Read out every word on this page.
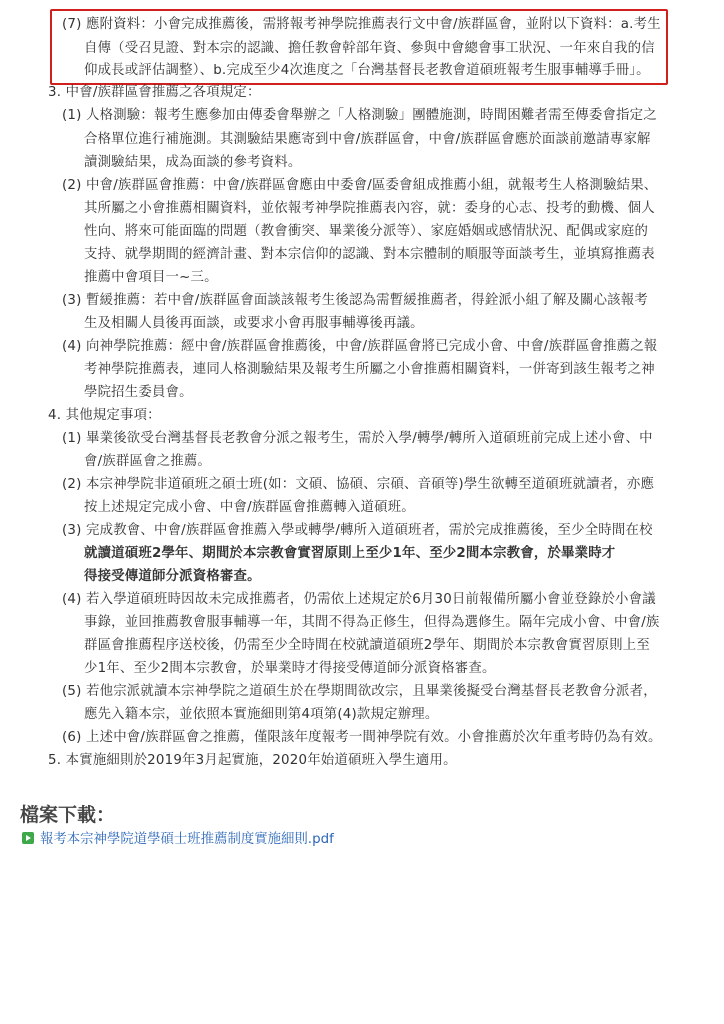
(7) 應附資料：小會完成推薦後，需將報考神學院推薦表行文中會/族群區會，並附以下資料：a.考生
自傳（受召見證、對本宗的認識、擔任教會幹部年資、參與中會總會事工狀況、一年來自我的信
仰成長或評估調整）、b.完成至少4次進度之「台灣基督長老教會道碩班報考生服事輔導手冊」。
3. 中會/族群區會推薦之各項規定：
(1) 人格測驗：報考生應參加由傳委會舉辦之「人格測驗」團體施測，時間困難者需至傳委會指定之
合格單位進行補施測。其測驗結果應寄到中會/族群區會，中會/族群區會應於面談前邀請專家解
讀測驗結果，成為面談的參考資料。
(2) 中會/族群區會推薦：中會/族群區會應由中委會/區委會組成推薦小組，就報考生人格測驗結果、
其所屬之小會推薦相關資料，並依報考神學院推薦表內容，就：委身的心志、投考的動機、個人
性向、將來可能面臨的問題（教會衝突、畢業後分派等）、家庭婚姻或感情狀況、配偶或家庭的
支持、就學期間的經濟計畫、對本宗信仰的認識、對本宗體制的順服等面談考生，並填寫推薦表
推薦中會項目一~三。
(3) 暫緩推薦：若中會/族群區會面談該報考生後認為需暫緩推薦者，得銓派小組了解及關心該報考
生及相關人員後再面談，或要求小會再服事輔導後再議。
(4) 向神學院推薦：經中會/族群區會推薦後，中會/族群區會將已完成小會、中會/族群區會推薦之報
考神學院推薦表，連同人格測驗結果及報考生所屬之小會推薦相關資料，一併寄到該生報考之神
學院招生委員會。
4. 其他規定事項：
(1) 畢業後欲受台灣基督長老教會分派之報考生，需於入學/轉學/轉所入道碩班前完成上述小會、中
會/族群區會之推薦。
(2) 本宗神學院非道碩班之碩士班(如：文碩、協碩、宗碩、音碩等)學生欲轉至道碩班就讀者，亦應
按上述規定完成小會、中會/族群區會推薦轉入道碩班。
(3) 完成教會、中會/族群區會推薦入學或轉學/轉所入道碩班者，需於完成推薦後，至少全時間在校
就讀道碩班2學年、期間於本宗教會實習原則上至少1年、至少2間本宗教會，於畢業時才
得接受傳道師分派資格審查。
(4) 若入學道碩班時因故未完成推薦者，仍需依上述規定於6月30日前報備所屬小會並登錄於小會議
事錄，並回推薦教會服事輔導一年，其間不得為正修生，但得為選修生。隔年完成小會、中會/族
群區會推薦程序送校後，仍需至少全時間在校就讀道碩班2學年、期間於本宗教會實習原則上至
少1年、至少2間本宗教會，於畢業時才得接受傳道師分派資格審查。
(5) 若他宗派就讀本宗神學院之道碩生於在學期間欲改宗，且畢業後擬受台灣基督長老教會分派者，
應先入籍本宗，並依照本實施細則第4項第(4)款規定辦理。
(6) 上述中會/族群區會之推薦，僅限該年度報考一間神學院有效。小會推薦於次年重考時仍為有效。
5. 本實施細則於2019年3月起實施，2020年始道碩班入學生適用。
檔案下載：
報考本宗神學院道學碩士班推薦制度實施細則.pdf
